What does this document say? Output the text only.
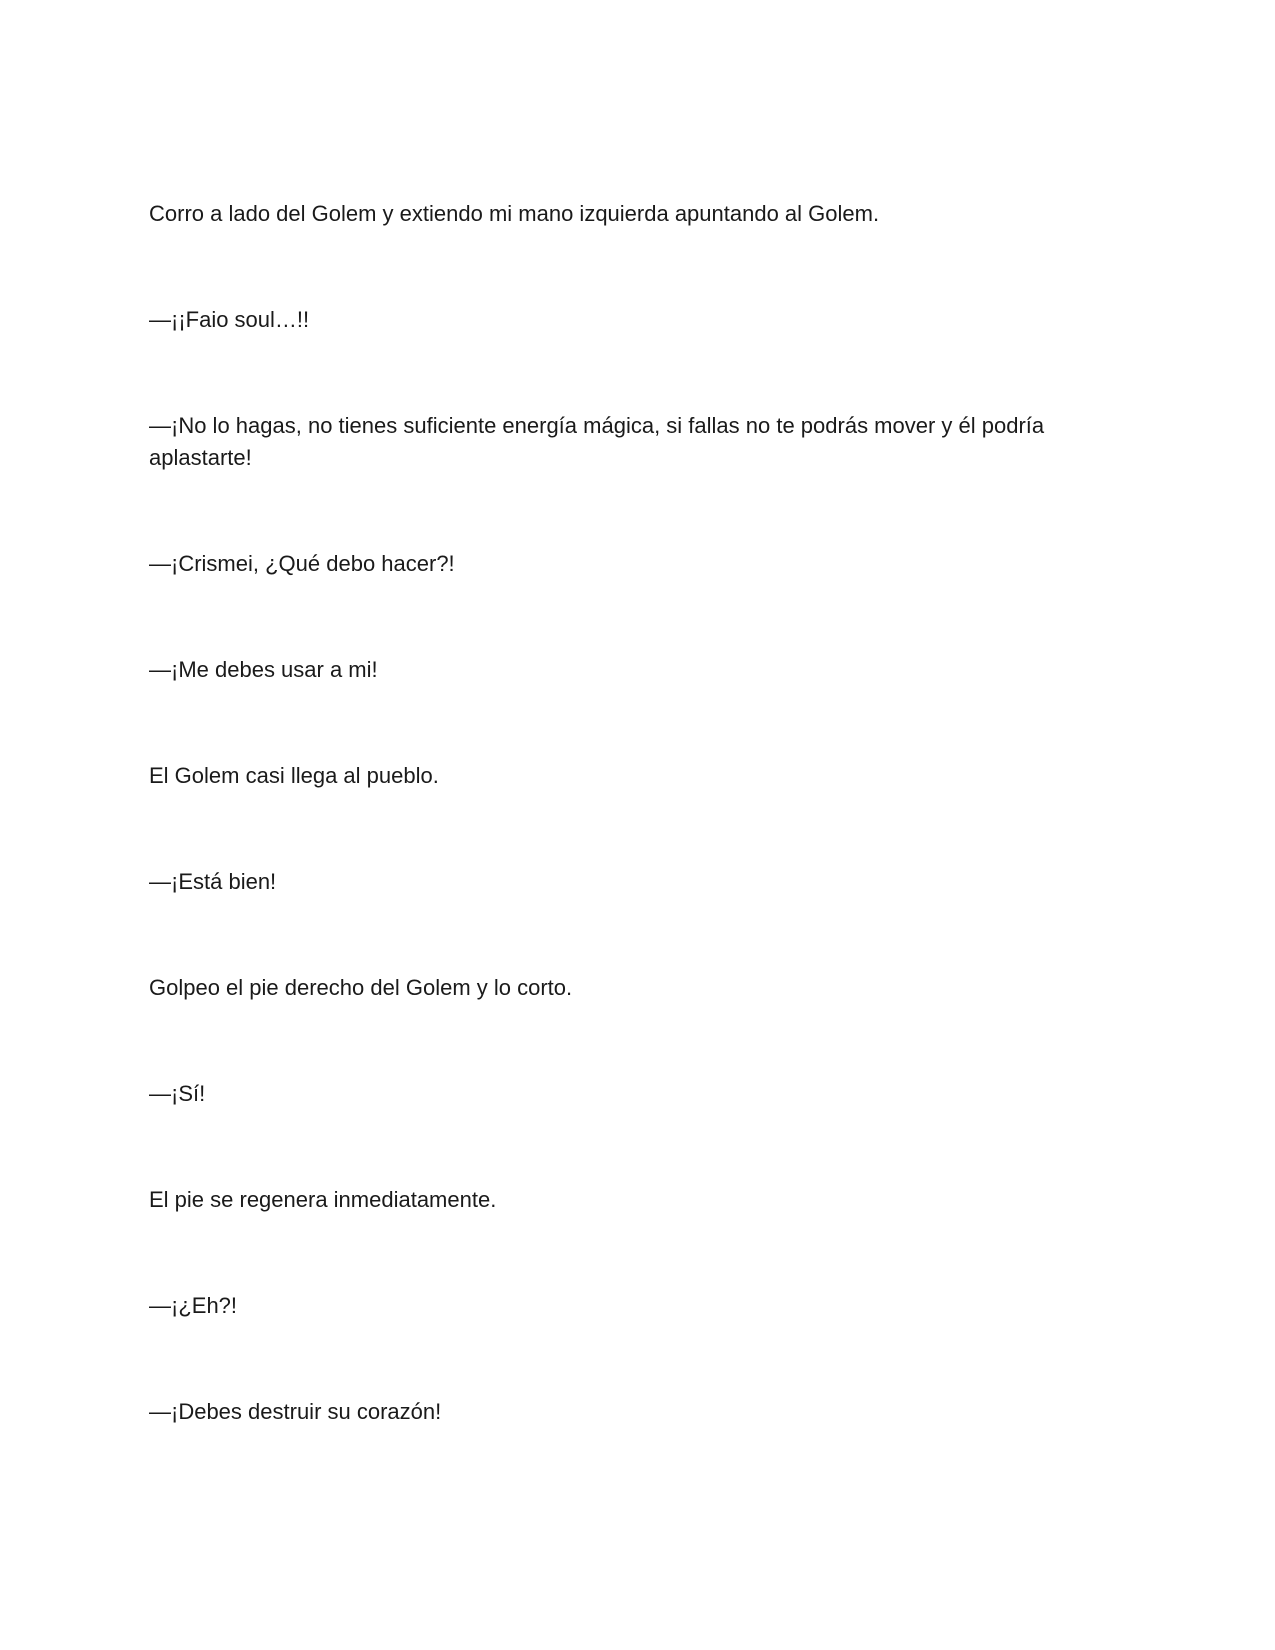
Corro a lado del Golem y extiendo mi mano izquierda apuntando al Golem.

—¡¡Faio soul…!!

—¡No lo hagas, no tienes suficiente energía mágica, si fallas no te podrás mover y él podría aplastarte!

—¡Crismei, ¿Qué debo hacer?!

—¡Me debes usar a mi!

El Golem casi llega al pueblo.

—¡Está bien!

Golpeo el pie derecho del Golem y lo corto.

—¡Sí!

El pie se regenera inmediatamente.

—¡¿Eh?!

—¡Debes destruir su corazón!
